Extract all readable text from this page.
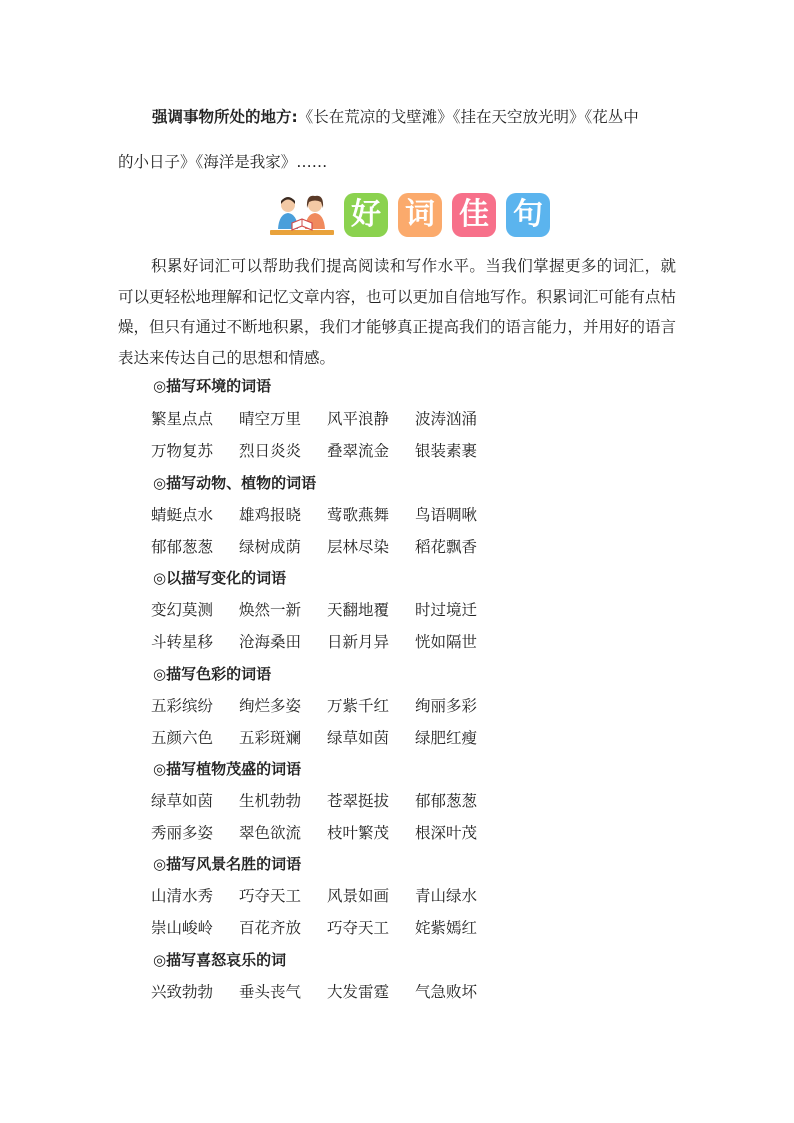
强调事物所处的地方:《长在荒凉的戈壁滩》《挂在天空放光明》《花丛中
的小日子》《海洋是我家》……
好 词 佳 句
积累好词汇可以帮助我们提高阅读和写作水平。当我们掌握更多的词汇，就可以更轻松地理解和记忆文章内容，也可以更加自信地写作。积累词汇可能有点枯燥，但只有通过不断地积累，我们才能够真正提高我们的语言能力，并用好的语言表达来传达自己的思想和情感。
◎描写环境的词语
繁星点点 晴空万里 风平浪静 波涛汹涌
万物复苏 烈日炎炎 叠翠流金 银装素裹
◎描写动物、植物的词语
蜻蜓点水 雄鸡报晓 莺歌燕舞 鸟语啁啾
郁郁葱葱 绿树成荫 层林尽染 稻花飘香
◎以描写变化的词语
变幻莫测 焕然一新 天翻地覆 时过境迁
斗转星移 沧海桑田 日新月异 恍如隔世
◎描写色彩的词语
五彩缤纷 绚烂多姿 万紫千红 绚丽多彩
五颜六色 五彩斑斓 绿草如茵 绿肥红瘦
◎描写植物茂盛的词语
绿草如茵 生机勃勃 苍翠挺拔 郁郁葱葱
秀丽多姿 翠色欲流 枝叶繁茂 根深叶茂
◎描写风景名胜的词语
山清水秀 巧夺天工 风景如画 青山绿水
崇山峻岭 百花齐放 巧夺天工 姹紫嫣红
◎描写喜怒哀乐的词
兴致勃勃 垂头丧气 大发雷霆 气急败坏
